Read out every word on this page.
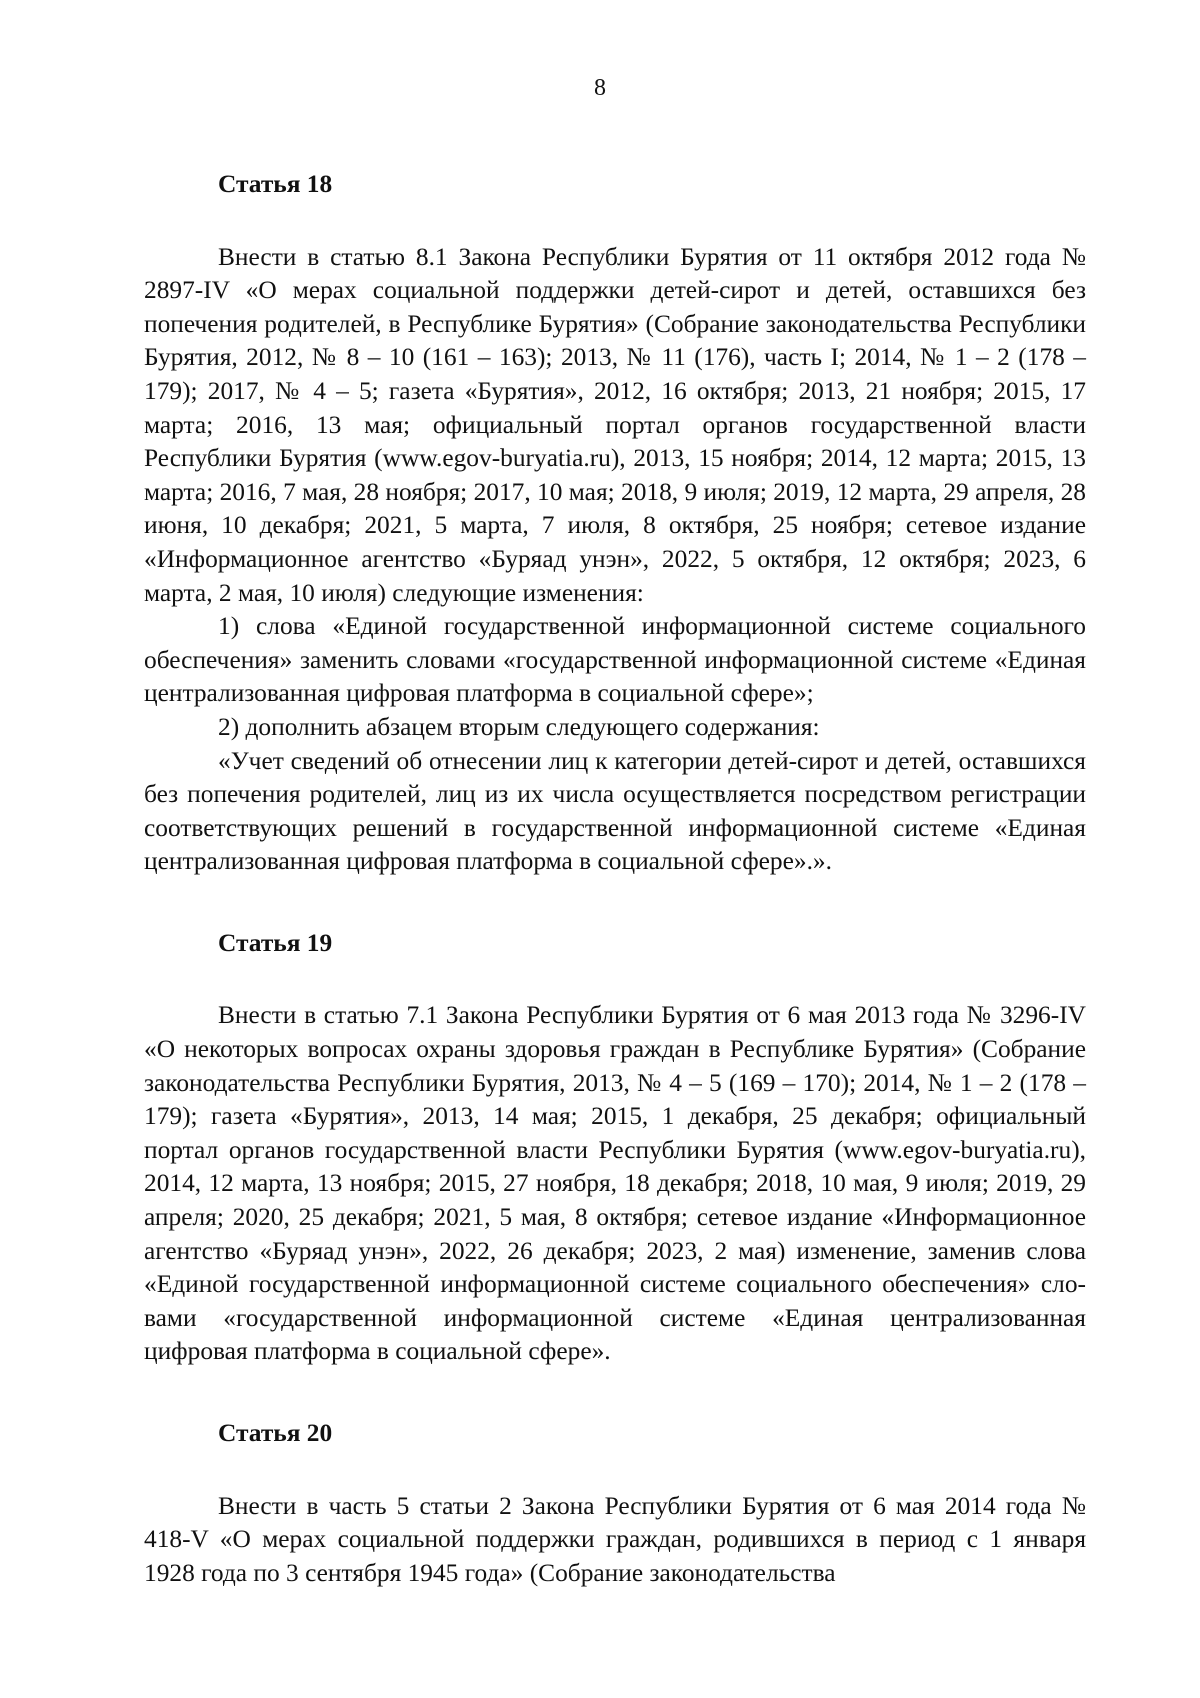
8

Статья 18

Внести в статью 8.1 Закона Республики Бурятия от 11 октября 2012 года № 2897-IV «О мерах социальной поддержки детей-сирот и детей, оставшихся без попечения родителей, в Республике Бурятия» (Собрание законодательства Республики Бурятия, 2012, № 8 – 10 (161 – 163); 2013, № 11 (176), часть I; 2014, № 1 – 2 (178 – 179); 2017, № 4 – 5; газета «Бурятия», 2012, 16 октября; 2013, 21 ноября; 2015, 17 марта; 2016, 13 мая; официальный портал органов государственной власти Республики Бурятия (www.egov-buryatia.ru), 2013, 15 ноября; 2014, 12 марта; 2015, 13 марта; 2016, 7 мая, 28 ноября; 2017, 10 мая; 2018, 9 июля; 2019, 12 марта, 29 апреля, 28 июня, 10 декабря; 2021, 5 марта, 7 июля, 8 октября, 25 ноября; сетевое издание «Информационное агентство «Буряад унэн», 2022, 5 октября, 12 октября; 2023, 6 марта, 2 мая, 10 июля) следующие изменения:

1) слова «Единой государственной информационной системе социального обеспечения» заменить словами «государственной информационной системе «Единая централизованная цифровая платформа в социальной сфере»;

2) дополнить абзацем вторым следующего содержания:

«Учет сведений об отнесении лиц к категории детей-сирот и детей, оставшихся без попечения родителей, лиц из их числа осуществляется посредством регистрации соответствующих решений в государственной информационной системе «Единая централизованная цифровая платформа в социальной сфере».».

Статья 19

Внести в статью 7.1 Закона Республики Бурятия от 6 мая 2013 года № 3296-IV «О некоторых вопросах охраны здоровья граждан в Республике Бурятия» (Собрание законодательства Республики Бурятия, 2013, № 4 – 5 (169 – 170); 2014, № 1 – 2 (178 – 179); газета «Бурятия», 2013, 14 мая; 2015, 1 декабря, 25 декабря; официальный портал органов государственной власти Республики Бурятия (www.egov-buryatia.ru), 2014, 12 марта, 13 ноября; 2015, 27 ноября, 18 декабря; 2018, 10 мая, 9 июля; 2019, 29 апреля; 2020, 25 декабря; 2021, 5 мая, 8 октября; сетевое издание «Информационное агентство «Буряад унэн», 2022, 26 декабря; 2023, 2 мая) изменение, заменив слова «Единой государственной информационной системе социального обеспечения» словами «государственной информационной системе «Единая централизованная цифровая платформа в социальной сфере».

Статья 20

Внести в часть 5 статьи 2 Закона Республики Бурятия от 6 мая 2014 года № 418-V «О мерах социальной поддержки граждан, родившихся в период с 1 января 1928 года по 3 сентября 1945 года» (Собрание законодательства
